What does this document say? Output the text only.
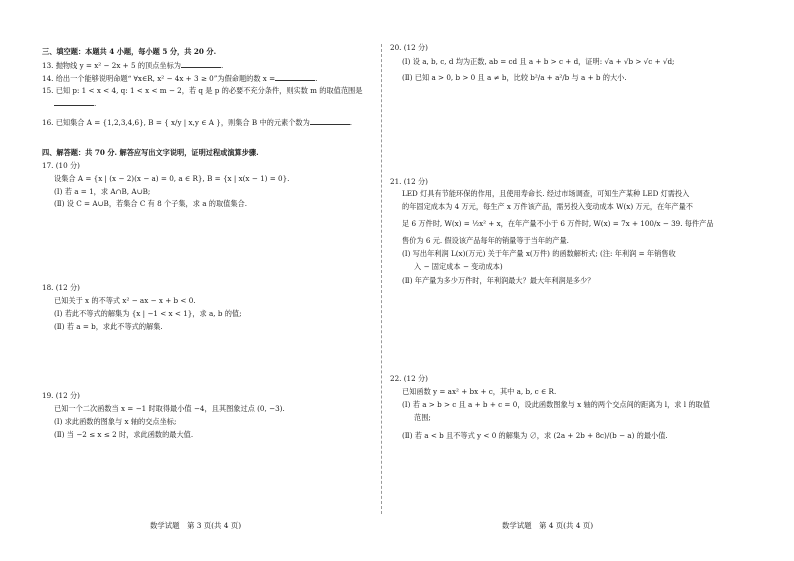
三、填空题：本题共 4 小题，每小题 5 分，共 20 分.
13. 抛物线 y = x² − 2x + 5 的顶点坐标为	.
14. 给出一个能够说明命题“ ∀x∈R, x² − 4x + 3 ≥ 0”为假命题的数 x =	.
15. 已知 p: 1 < x < 4, q: 1 < x < m − 2，若 q 是 p 的必要不充分条件，则实数 m 的取值范围是
.
16. 已知集合 A = {1,2,3,4,6}, B = { x/y | x,y ∈ A }，则集合 B 中的元素个数为	.
四、解答题：共 70 分. 解答应写出文字说明，证明过程或演算步骤.
17. (10 分)
设集合 A = {x | (x − 2)(x − a) = 0, a ∈ R}, B = {x | x(x − 1) = 0}.
(Ⅰ) 若 a = 1，求 A∩B, A∪B;
(Ⅱ) 设 C = A∪B，若集合 C 有 8 个子集，求 a 的取值集合.
18. (12 分)
已知关于 x 的不等式 x² − ax − x + b < 0.
(Ⅰ) 若此不等式的解集为 {x | −1 < x < 1}，求 a, b 的值;
(Ⅱ) 若 a = b，求此不等式的解集.
19. (12 分)
已知一个二次函数当 x = −1 时取得最小值 −4，且其图象过点 (0, −3).
(Ⅰ) 求此函数的图象与 x 轴的交点坐标;
(Ⅱ) 当 −2 ≤ x ≤ 2 时，求此函数的最大值.
数学试题　第 3 页(共 4 页)
20. (12 分)
(Ⅰ) 设 a, b, c, d 均为正数, ab = cd 且 a + b > c + d，证明: √a + √b > √c + √d;
(Ⅱ) 已知 a > 0, b > 0 且 a ≠ b，比较 b²/a + a²/b 与 a + b 的大小.
21. (12 分)
LED 灯具有节能环保的作用，且使用寿命长. 经过市场调查，可知生产某种 LED 灯需投入
的年固定成本为 4 万元，每生产 x 万件该产品，需另投入变动成本 W(x) 万元，在年产量不
足 6 万件时, W(x) = ½x² + x，在年产量不小于 6 万件时, W(x) = 7x + 100/x − 39. 每件产品
售价为 6 元. 假设该产品每年的销量等于当年的产量.
(Ⅰ) 写出年利润 L(x)(万元) 关于年产量 x(万件) 的函数解析式; (注: 年利润 = 年销售收
入 − 固定成本 − 变动成本)
(Ⅱ) 年产量为多少万件时，年利润最大？最大年利润是多少？
22. (12 分)
已知函数 y = ax² + bx + c，其中 a, b, c ∈ R.
(Ⅰ) 若 a > b > c 且 a + b + c = 0，设此函数图象与 x 轴的两个交点间的距离为 l，求 l 的取值
范围;
(Ⅱ) 若 a < b 且不等式 y < 0 的解集为 ∅，求 (2a + 2b + 8c)/(b − a) 的最小值.
数学试题　第 4 页(共 4 页)
